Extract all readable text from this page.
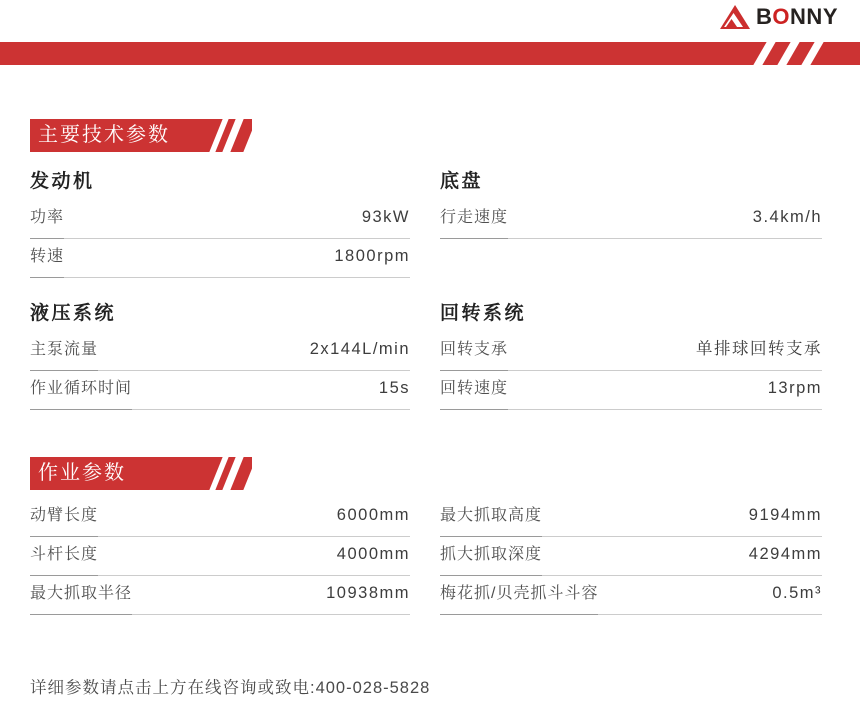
BONNY
主要技术参数
发动机
功率	93kW
转速	1800rpm
底盘
行走速度	3.4km/h
液压系统
主泵流量	2x144L/min
作业循环时间	15s
回转系统
回转支承	单排球回转支承
回转速度	13rpm
作业参数
动臂长度	6000mm
斗杆长度	4000mm
最大抓取半径	10938mm
最大抓取高度	9194mm
抓大抓取深度	4294mm
梅花抓/贝壳抓斗斗容	0.5m³
详细参数请点击上方在线咨询或致电:400-028-5828
